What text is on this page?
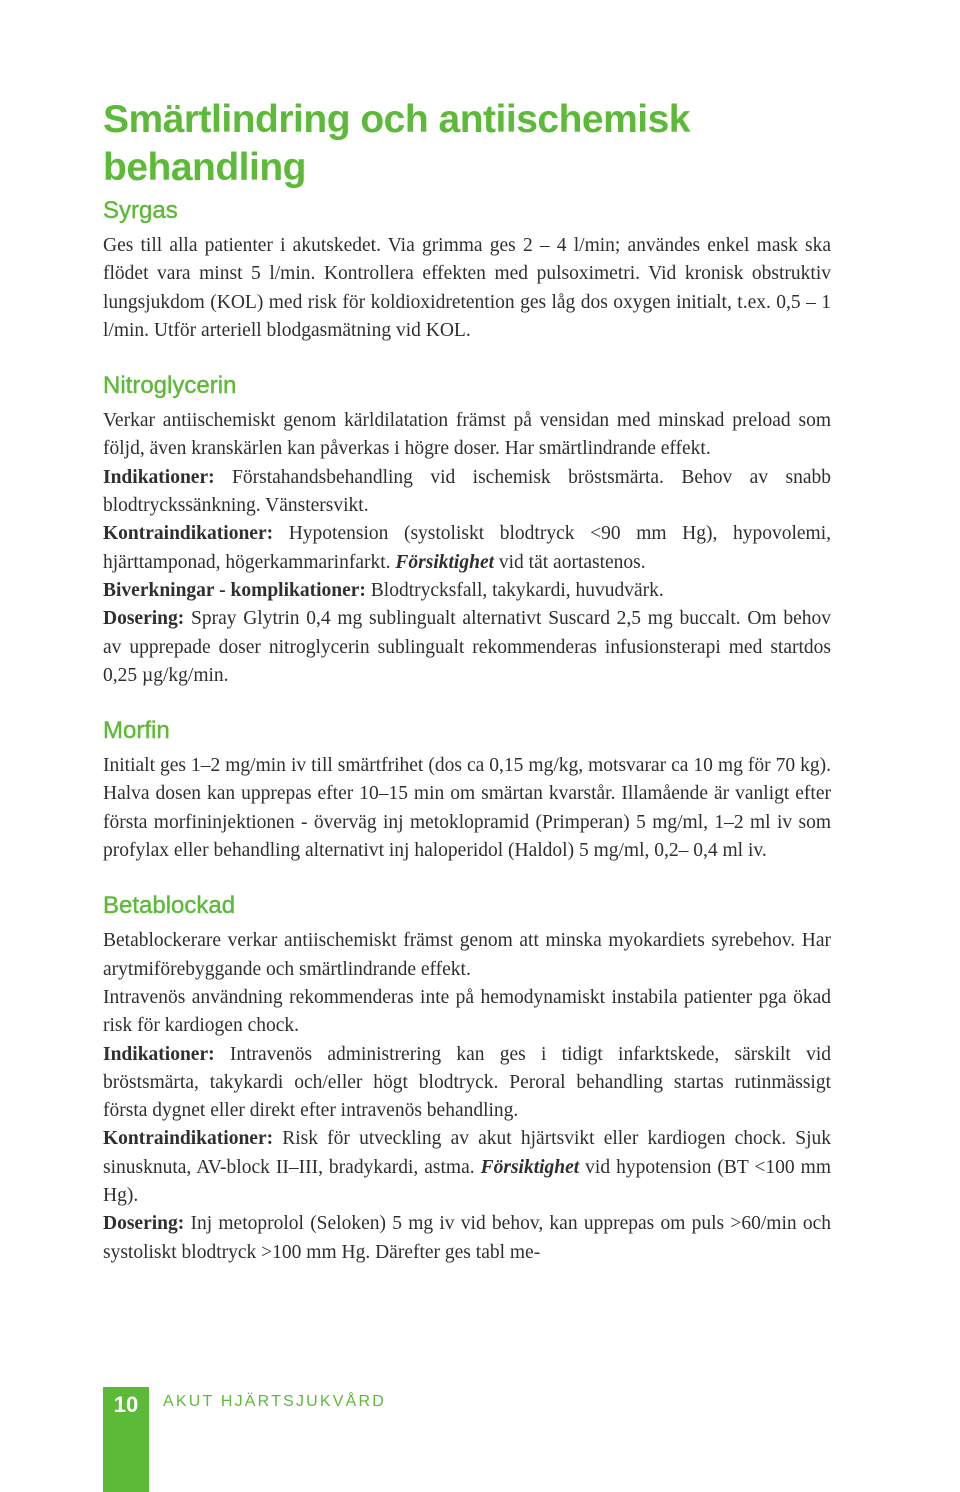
Smärtlindring och antiischemisk behandling
Syrgas

Ges till alla patienter i akutskedet. Via grimma ges 2 – 4 l/min; användes enkel mask ska flödet vara minst 5 l/min. Kontrollera effekten med pulsoximetri. Vid kronisk obstruktiv lungsjukdom (KOL) med risk för koldioxidretention ges låg dos oxygen initialt, t.ex. 0,5 – 1 l/min. Utför arteriell blodgasmätning vid KOL.

Nitroglycerin

Verkar antiischemiskt genom kärldilatation främst på vensidan med minskad preload som följd, även kranskärlen kan påverkas i högre doser. Har smärtlindrande effekt.

Indikationer: Förstahandsbehandling vid ischemisk bröstsmärta. Behov av snabb blodtryckssänkning. Vänstersvikt.

Kontraindikationer: Hypotension (systoliskt blodtryck <90 mm Hg), hypovolemi, hjärttamponad, högerkammarinfarkt. Försiktighet vid tät aortastenos.

Biverkningar - komplikationer: Blodtrycksfall, takykardi, huvudvärk.

Dosering: Spray Glytrin 0,4 mg sublingualt alternativt Suscard 2,5 mg buccalt. Om behov av upprepade doser nitroglycerin sublingualt rekommenderas infusionsterapi med startdos 0,25 µg/kg/min.

Morfin

Initialt ges 1–2 mg/min iv till smärtfrihet (dos ca 0,15 mg/kg, motsvarar ca 10 mg för 70 kg). Halva dosen kan upprepas efter 10–15 min om smärtan kvarstår. Illamående är vanligt efter första morfininjektionen - överväg inj metoklopramid (Primperan) 5 mg/ml, 1–2 ml iv som profylax eller behandling alternativt inj haloperidol (Haldol) 5 mg/ml, 0,2– 0,4 ml iv.

Betablockad

Betablockerare verkar antiischemiskt främst genom att minska myokardiets syrebehov. Har arytmiförebyggande och smärtlindrande effekt.

Intravenös användning rekommenderas inte på hemodynamiskt instabila patienter pga ökad risk för kardiogen chock.

Indikationer: Intravenös administrering kan ges i tidigt infarktskede, särskilt vid bröstsmärta, takykardi och/eller högt blodtryck. Peroral behandling startas rutinmässigt första dygnet eller direkt efter intravenös behandling.

Kontraindikationer: Risk för utveckling av akut hjärtsvikt eller kardiogen chock. Sjuk sinusknuta, AV-block II–III, bradykardi, astma. Försiktighet vid hypotension (BT <100 mm Hg).

Dosering: Inj metoprolol (Seloken) 5 mg iv vid behov, kan upprepas om puls >60/min och systoliskt blodtryck >100 mm Hg. Därefter ges tabl me-

10	AKUT HJÄRTSJUKVÅRD
